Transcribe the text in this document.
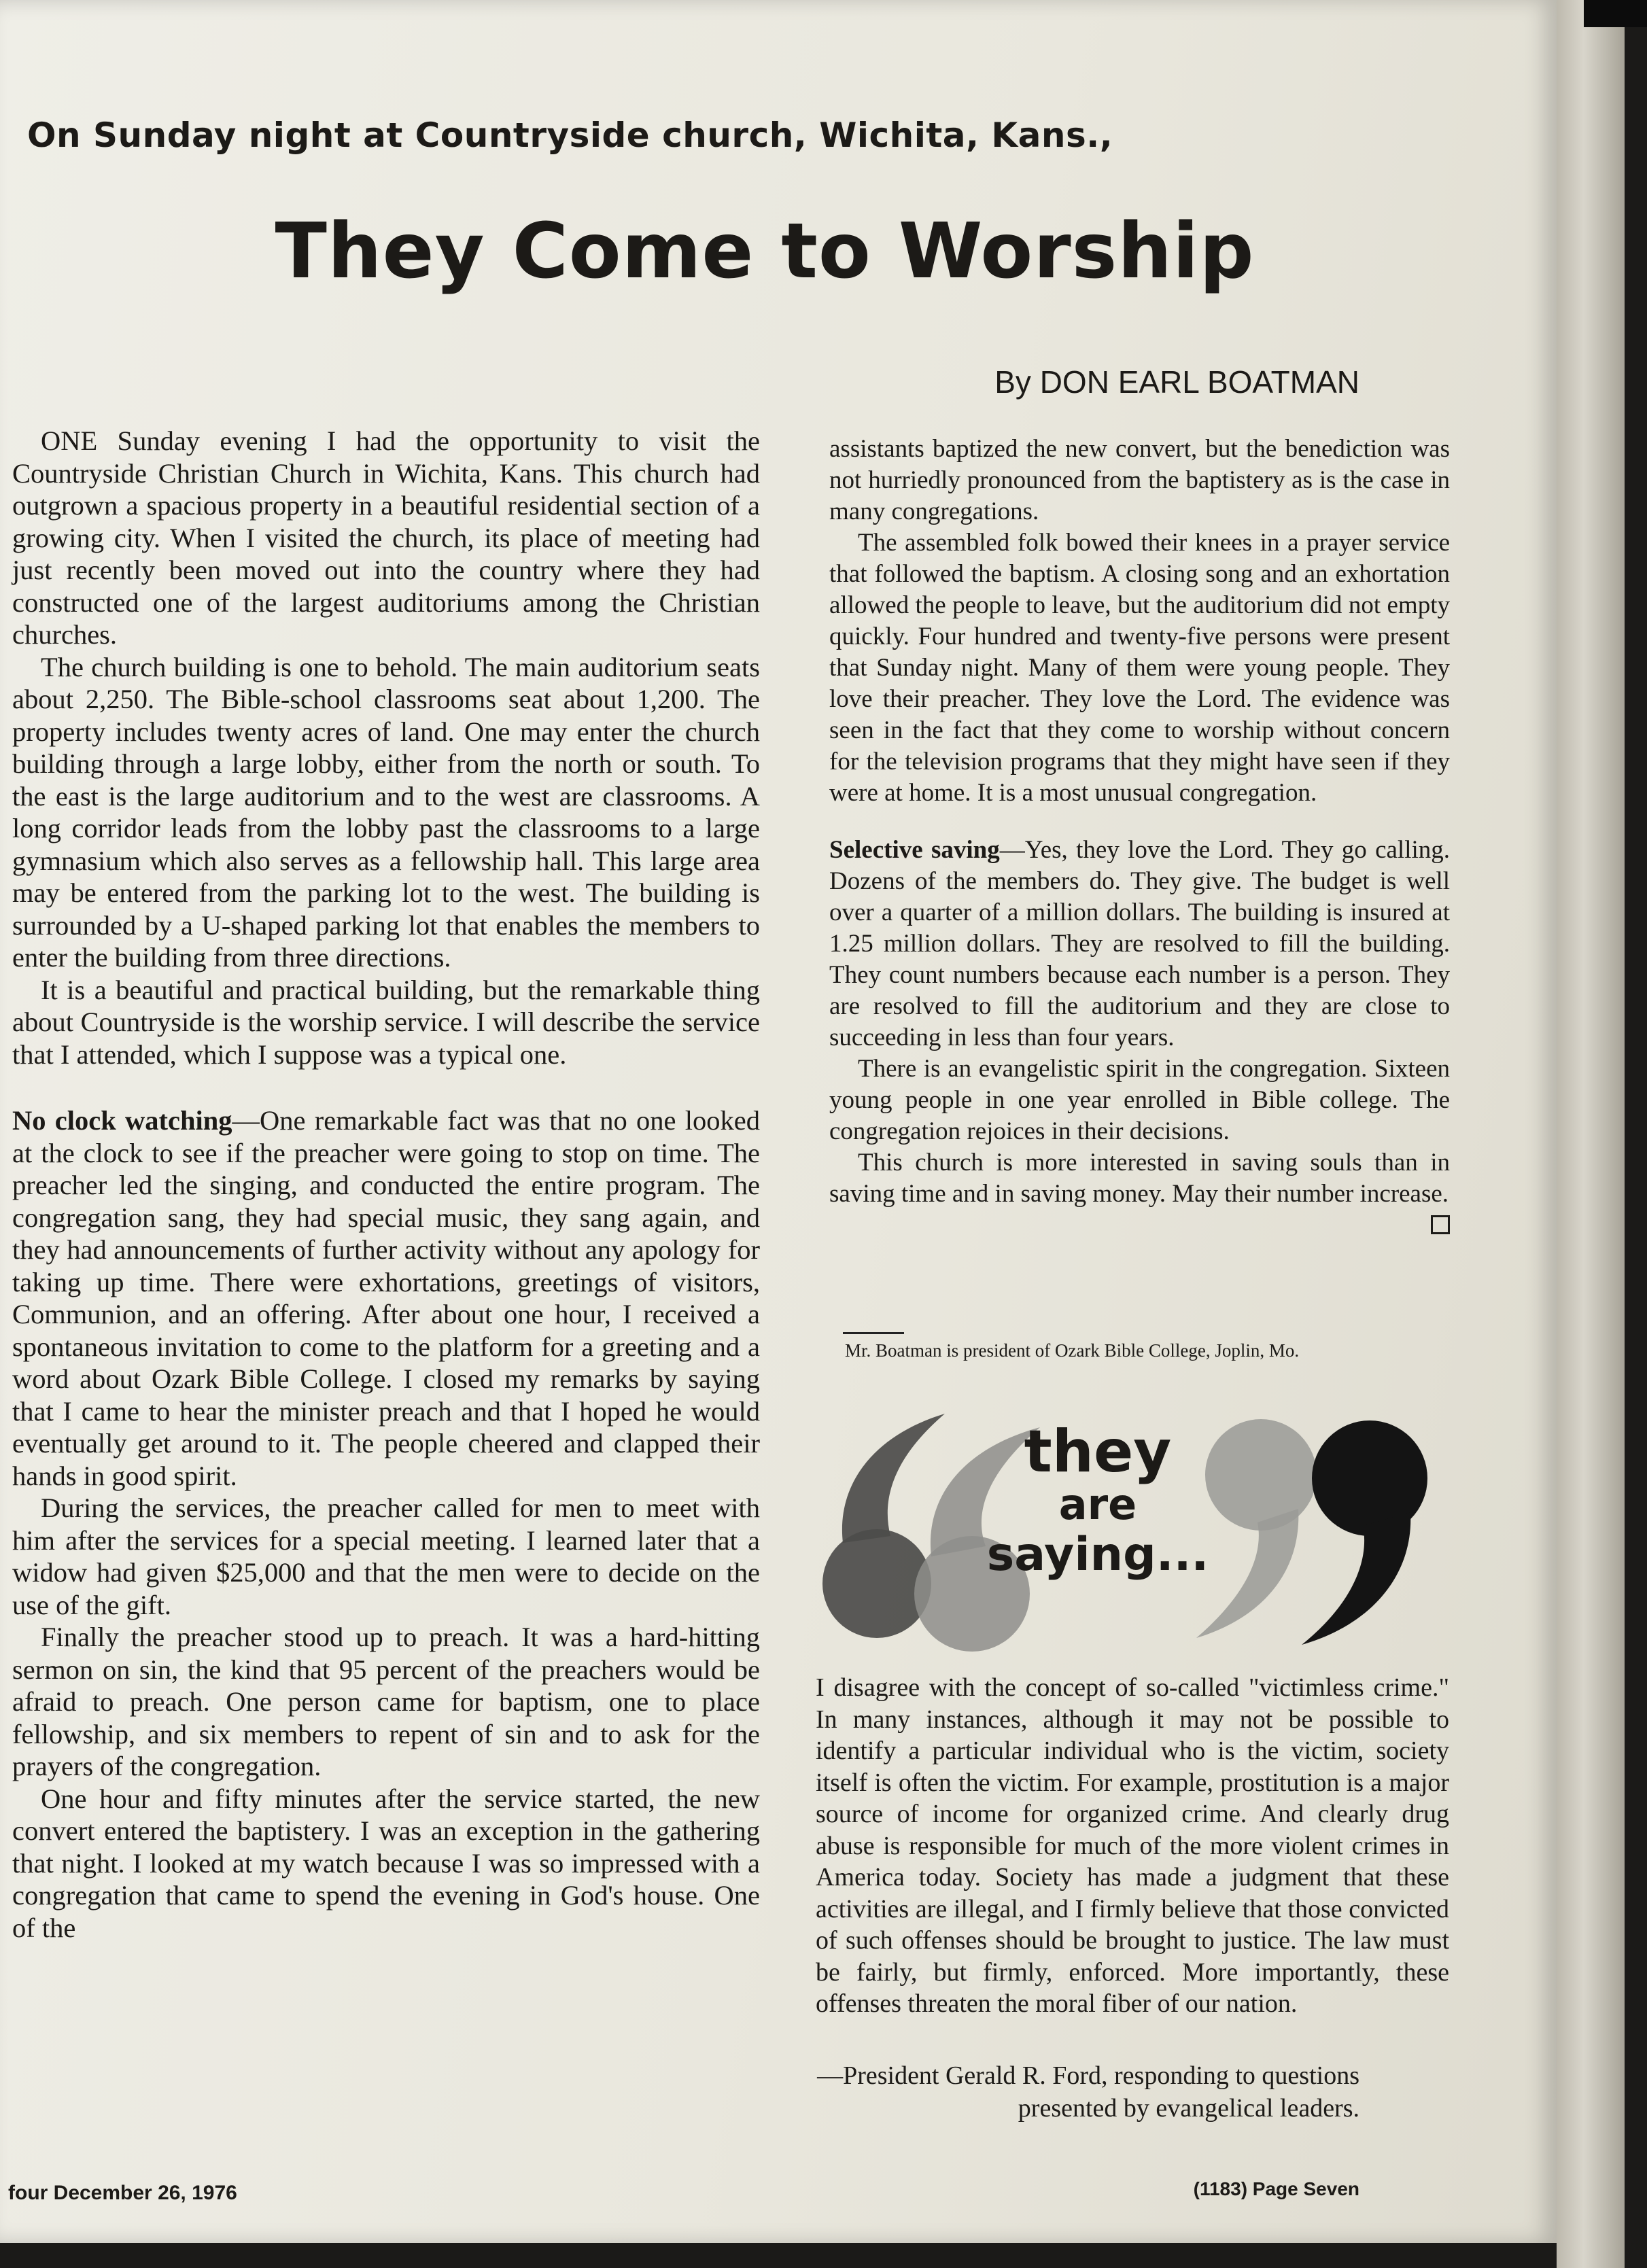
On Sunday night at Countryside church, Wichita, Kans.,
They Come to Worship
By DON EARL BOATMAN

ONE Sunday evening I had the opportunity to visit the Countryside Christian Church in Wichita, Kans. This church had outgrown a spacious property in a beautiful residential section of a growing city. When I visited the church, its place of meeting had just recently been moved out into the country where they had constructed one of the largest auditoriums among the Christian churches.

The church building is one to behold. The main auditorium seats about 2,250. The Bible-school classrooms seat about 1,200. The property includes twenty acres of land. One may enter the church building through a large lobby, either from the north or south. To the east is the large auditorium and to the west are classrooms. A long corridor leads from the lobby past the classrooms to a large gymnasium which also serves as a fellowship hall. This large area may be entered from the parking lot to the west. The building is surrounded by a U-shaped parking lot that enables the members to enter the building from three directions.

It is a beautiful and practical building, but the remarkable thing about Countryside is the worship service. I will describe the service that I attended, which I suppose was a typical one.

No clock watching—One remarkable fact was that no one looked at the clock to see if the preacher were going to stop on time. The preacher led the singing, and conducted the entire program. The congregation sang, they had special music, they sang again, and they had announcements of further activity without any apology for taking up time. There were exhortations, greetings of visitors, Communion, and an offering. After about one hour, I received a spontaneous invitation to come to the platform for a greeting and a word about Ozark Bible College. I closed my remarks by saying that I came to hear the minister preach and that I hoped he would eventually get around to it. The people cheered and clapped their hands in good spirit.

During the services, the preacher called for men to meet with him after the services for a special meeting. I learned later that a widow had given $25,000 and that the men were to decide on the use of the gift.

Finally the preacher stood up to preach. It was a hard-hitting sermon on sin, the kind that 95 percent of the preachers would be afraid to preach. One person came for baptism, one to place fellowship, and six members to repent of sin and to ask for the prayers of the congregation.

One hour and fifty minutes after the service started, the new convert entered the baptistery. I was an exception in the gathering that night. I looked at my watch because I was so impressed with a congregation that came to spend the evening in God's house. One of the

assistants baptized the new convert, but the benediction was not hurriedly pronounced from the baptistery as is the case in many congregations.

The assembled folk bowed their knees in a prayer service that followed the baptism. A closing song and an exhortation allowed the people to leave, but the auditorium did not empty quickly. Four hundred and twenty-five persons were present that Sunday night. Many of them were young people. They love their preacher. They love the Lord. The evidence was seen in the fact that they come to worship without concern for the television programs that they might have seen if they were at home. It is a most unusual congregation.

Selective saving—Yes, they love the Lord. They go calling. Dozens of the members do. They give. The budget is well over a quarter of a million dollars. The building is insured at 1.25 million dollars. They are resolved to fill the building. They count numbers because each number is a person. They are resolved to fill the auditorium and they are close to succeeding in less than four years.

There is an evangelistic spirit in the congregation. Sixteen young people in one year enrolled in Bible college. The congregation rejoices in their decisions.

This church is more interested in saving souls than in saving time and in saving money. May their number increase.

Mr. Boatman is president of Ozark Bible College, Joplin, Mo.
they
are
saying...
I disagree with the concept of so-called "victimless crime." In many instances, although it may not be possible to identify a particular individual who is the victim, society itself is often the victim. For example, prostitution is a major source of income for organized crime. And clearly drug abuse is responsible for much of the more violent crimes in America today. Society has made a judgment that these activities are illegal, and I firmly believe that those convicted of such offenses should be brought to justice. The law must be fairly, but firmly, enforced. More importantly, these offenses threaten the moral fiber of our nation.
—President Gerald R. Ford, responding to questions presented by evangelical leaders.
four December 26, 1976	(1183) Page Seven
